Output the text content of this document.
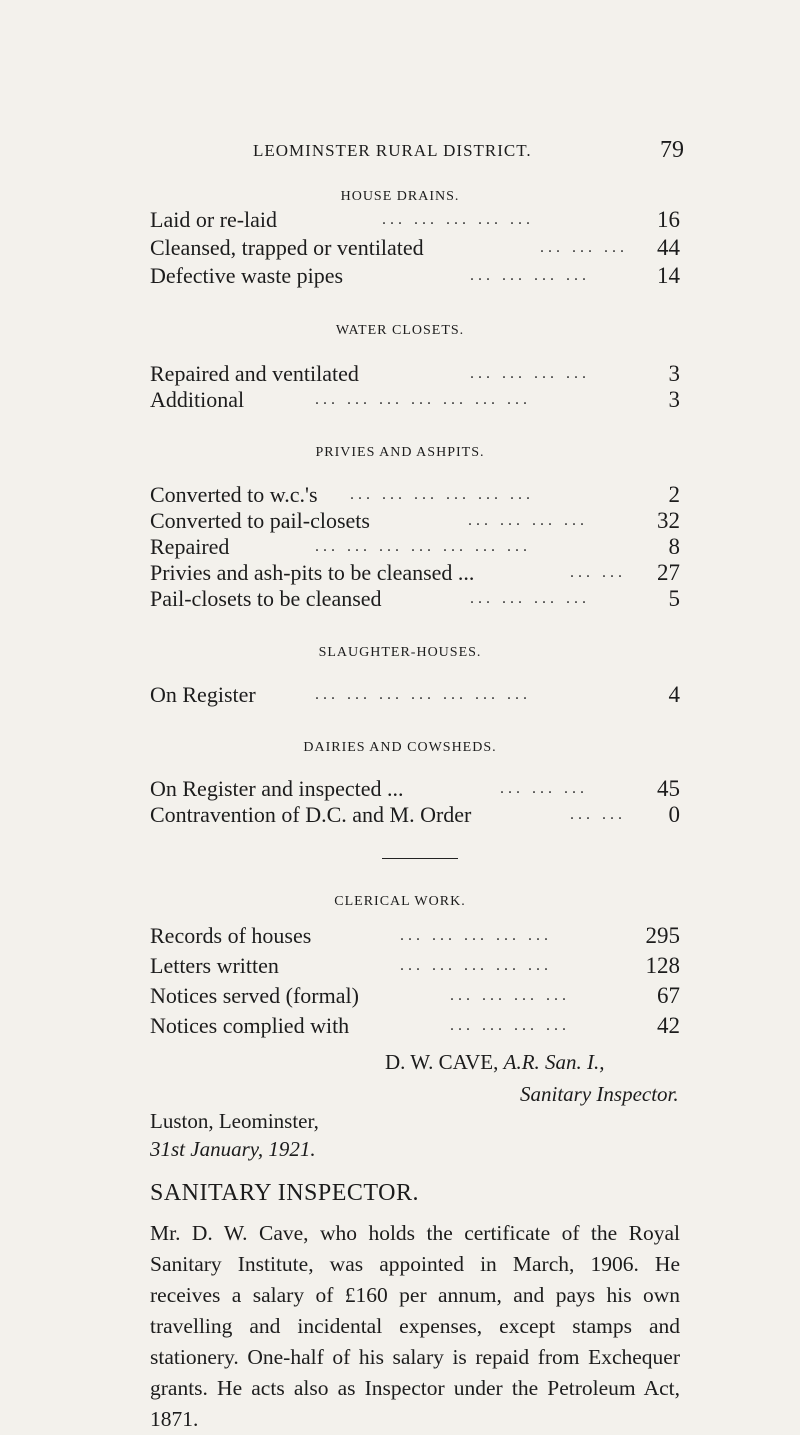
LEOMINSTER RURAL DISTRICT.	79
HOUSE DRAINS.
Laid or re-laid	... ... ... ... ...	16
Cleansed, trapped or ventilated	... ... ... 44
Defective waste pipes	... ... ... ...	14
WATER CLOSETS.
Repaired and ventilated	... ... ... ...	3
Additional	... ... ... ... ... ... ...	3
PRIVIES AND ASHPITS.
Converted to w.c.'s ... ... ... ... ... ...	2
Converted to pail-closets	... ... ... ...	32
Repaired	... ... ... ... ... ... ...	8
Privies and ash-pits to be cleansed ...	... ... 27
Pail-closets to be cleansed	... ... ... ...	5
SLAUGHTER-HOUSES.
On Register	... ... ... ... ... ... ...	4
DAIRIES AND COWSHEDS.
On Register and inspected ...	... ... ...	45
Contravention of D.C. and M. Order	... ... 0
CLERICAL WORK.
Records of houses	... ... ... ... ...	295
Letters written	... ... ... ... ...	128
Notices served (formal)	... ... ... ...	67
Notices complied with	... ... ... ...	42
D. W. CAVE, A.R. San. I.,
Sanitary Inspector.
Luston, Leominster,
31st January, 1921.
SANITARY INSPECTOR.
Mr. D. W. Cave, who holds the certificate of the Royal Sanitary Institute, was appointed in March, 1906. He receives a salary of £160 per annum, and pays his own travelling and incidental expenses, except stamps and stationery. One-half of his salary is repaid from Exchequer grants. He acts also as Inspector under the Petroleum Act, 1871.
